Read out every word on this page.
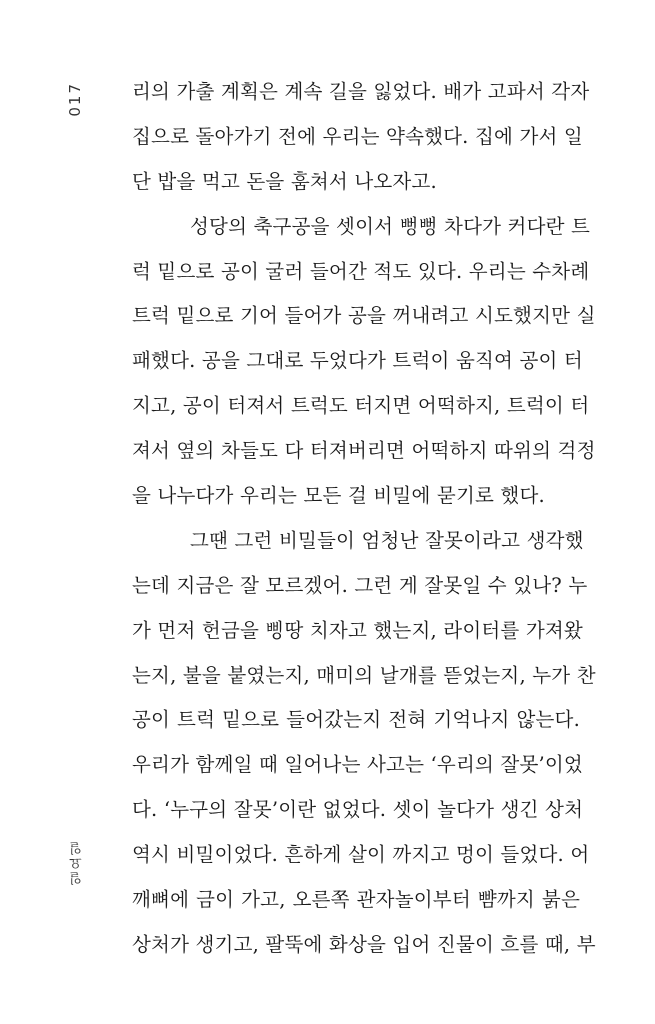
017
일요일
리의 가출 계획은 계속 길을 잃었다. 배가 고파서 각자
집으로 돌아가기 전에 우리는 약속했다. 집에 가서 일
단 밥을 먹고 돈을 훔쳐서 나오자고.
성당의 축구공을 셋이서 뻥뻥 차다가 커다란 트
럭 밑으로 공이 굴러 들어간 적도 있다. 우리는 수차례
트럭 밑으로 기어 들어가 공을 꺼내려고 시도했지만 실
패했다. 공을 그대로 두었다가 트럭이 움직여 공이 터
지고, 공이 터져서 트럭도 터지면 어떡하지, 트럭이 터
져서 옆의 차들도 다 터져버리면 어떡하지 따위의 걱정
을 나누다가 우리는 모든 걸 비밀에 묻기로 했다.
그땐 그런 비밀들이 엄청난 잘못이라고 생각했
는데 지금은 잘 모르겠어. 그런 게 잘못일 수 있나? 누
가 먼저 헌금을 삥땅 치자고 했는지, 라이터를 가져왔
는지, 불을 붙였는지, 매미의 날개를 뜯었는지, 누가 찬
공이 트럭 밑으로 들어갔는지 전혀 기억나지 않는다.
우리가 함께일 때 일어나는 사고는 ‘우리의 잘못’이었
다. ‘누구의 잘못’이란 없었다. 셋이 놀다가 생긴 상처
역시 비밀이었다. 흔하게 살이 까지고 멍이 들었다. 어
깨뼈에 금이 가고, 오른쪽 관자놀이부터 뺨까지 붉은
상처가 생기고, 팔뚝에 화상을 입어 진물이 흐를 때, 부
